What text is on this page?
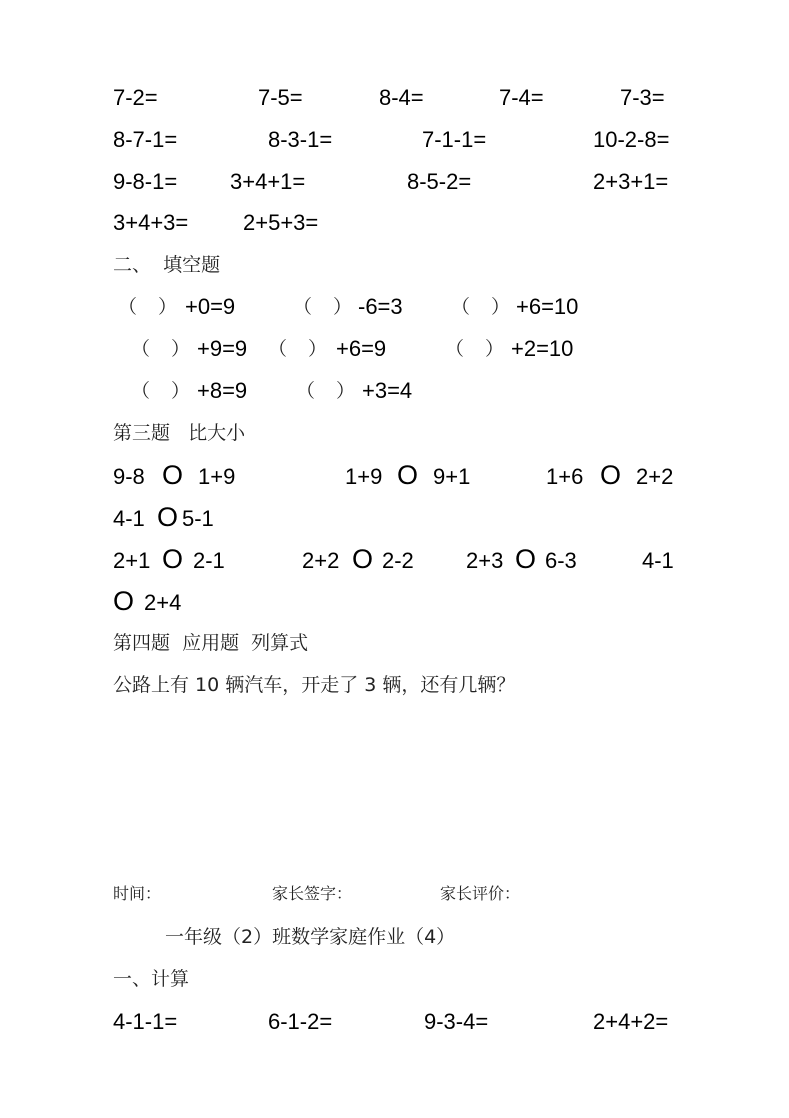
7-2=	7-5=	8-4=	7-4=	7-3=
8-7-1=	8-3-1=	7-1-1=	10-2-8=
9-8-1= 3+4+1=	8-5-2=	2+3+1=
3+4+3= 2+5+3=
二、  填空题
（ ） +0=9	（ ） -6=3	（ ） +6=10
（ ） +9=9 （ ） +6=9	（ ） +2=10
（ ） +8=9	（ ） +3=4
第三题   比大小
9-8 O 1+9	1+9 O 9+1	1+6 O 2+2
4-1 O 5-1
2+1 O 2-1	2+2 O 2-2 2+3 O 6-3	4-1
O 2+4
第四题  应用题  列算式
公路上有 10 辆汽车，开走了 3 辆，还有几辆？
时间：	家长签字：	家长评价：
一年级（2）班数学家庭作业（4）
一、计算
4-1-1=	6-1-2=	9-3-4=	2+4+2=
